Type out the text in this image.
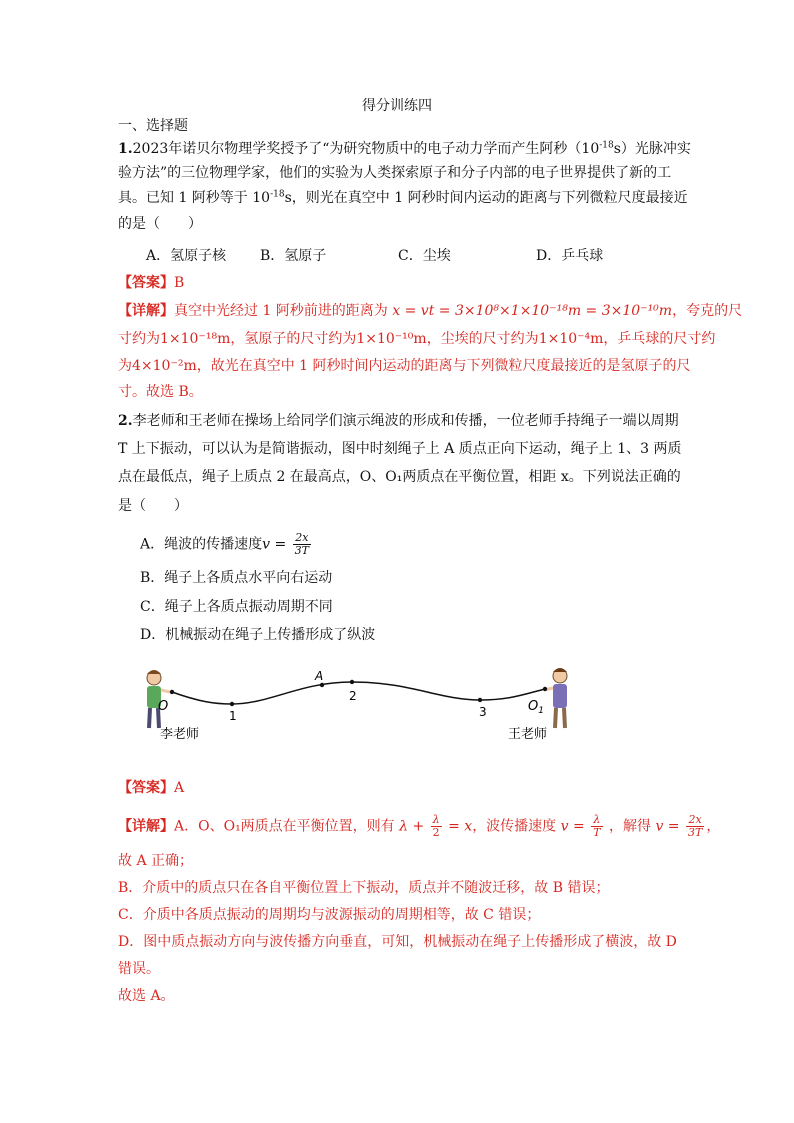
得分训练四
一、选择题
1.2023年诺贝尔物理学奖授予了“为研究物质中的电子动力学而产生阿秒$(10^{-18}s)$光脉冲实
验方法”的三位物理学家，他们的实验为人类探索原子和分子内部的电子世界提供了新的工
具。已知 1 阿秒等于 $10^{-18}s$，则光在真空中 1 阿秒时间内运动的距离与下列微粒尺度最接近
的是（　　）
A．氢原子核 B．氢原子	C．尘埃	D．乒乓球
【答案】B
【详解】真空中光经过 1 阿秒前进的距离为 x = vt = 3×10⁸×1×10⁻¹⁸m = 3×10⁻¹⁰m，夸克的尺
寸约为1×10⁻¹⁸m，氢原子的尺寸约为1×10⁻¹⁰m，尘埃的尺寸约为1×10⁻⁴m，乒乓球的尺寸约
为4×10⁻²m，故光在真空中 1 阿秒时间内运动的距离与下列微粒尺度最接近的是氢原子的尺
寸。故选 B。
2.李老师和王老师在操场上给同学们演示绳波的形成和传播，一位老师手持绳子一端以周期
T 上下振动，可以认为是简谐振动，图中时刻绳子上 A 质点正向下运动，绳子上 1、3 两质
点在最低点，绳子上质点 2 在最高点，O、O₁两质点在平衡位置，相距 x。下列说法正确的
是（　　）
A．绳波的传播速度$v = \frac{2x}{3T}$
B．绳子上各质点水平向右运动
C．绳子上各质点振动周期不同
D．机械振动在绳子上传播形成了纵波
O
1
A
2
3	$O_1$
李老师	王老师
【答案】A
【详解】A．O、O₁两质点在平衡位置，则有 $\lambda + \frac{\lambda}{2} = x$，波传播速度 $v = \frac{\lambda}{T}$ ，解得 $v = \frac{2x}{3T}$ ，
故 A 正确；
B．介质中的质点只在各自平衡位置上下振动，质点并不随波迁移，故 B 错误；
C．介质中各质点振动的周期均与波源振动的周期相等，故 C 错误；
D．图中质点振动方向与波传播方向垂直，可知，机械振动在绳子上传播形成了横波，故 D
错误。
故选 A。
